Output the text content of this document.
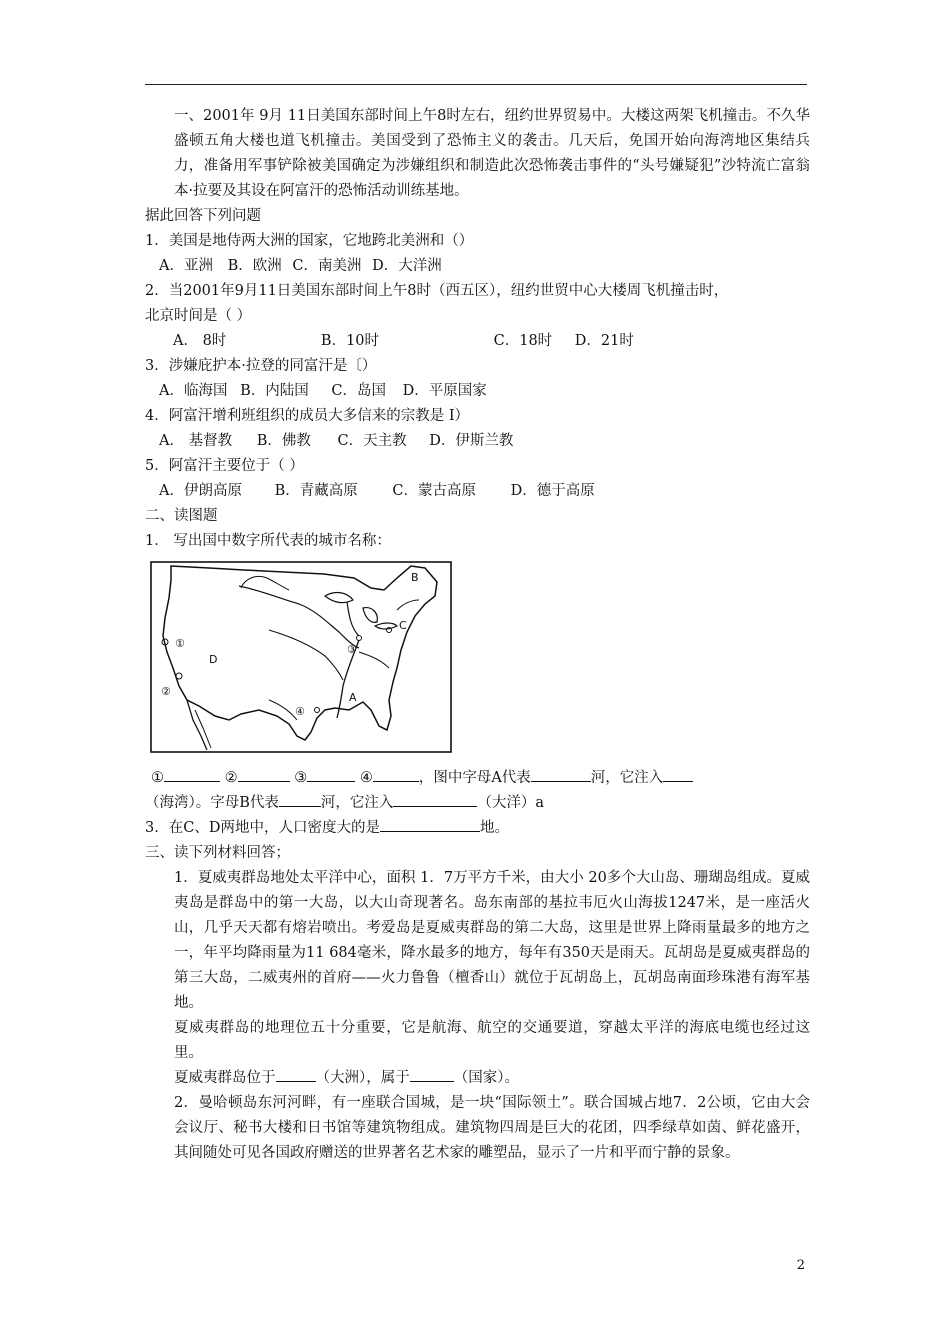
一、2001年 9月 11日美国东部时间上午8时左右，纽约世界贸易中。大楼这两架飞机撞击。不久华盛顿五角大楼也道飞机撞击。美国受到了恐怖主义的袭击。几天后，免国开始向海湾地区集结兵力，准备用军事铲除被美国确定为涉嫌组织和制造此次恐怖袭击事件的“头号嫌疑犯”沙特流亡富翁本·拉要及其设在阿富汗的恐怖活动训练基地。

据此回答下列问题

1．美国是地侍两大洲的国家，它地跨北美洲和（）

A．亚洲 B．欧洲 C．南美洲 D．大洋洲

2．当2001年9月11日美国东部时间上午8时（西五区），纽约世贸中心大楼周飞机撞击时，

北京时间是（ ）

A． 8时	B．10时	C．18时 D．21时

3．涉嫌庇护本·拉登的同富汗是〔）

A．临海国 B．内陆国 C．岛国 D．平原国家

4．阿富汗增利班组织的成员大多信来的宗教是 I）

A． 基督教 B．佛教 C．天主教 D．伊斯兰教

5．阿富汗主要位于（ ）

A．伊朗高原 B．青藏高原 C．蒙古高原 D．德于高原

二、读图题

1． 写出国中数字所代表的城市名称：

B
C
D
A
①
②
③
④

①	②	③	④	，图中字母A代表	河，它注入

（海湾）。字母B代表	河，它注入	（大洋）a

3．在C、D两地中，人口密度大的是	地。

三、读下列材料回答；

1．夏威夷群岛地处太平洋中心，面积 1．7万平方千米，由大小 20多个大山岛、珊瑚岛组成。夏威夷岛是群岛中的第一大岛，以大山奇现著名。岛东南部的基拉韦厄火山海拔1247米，是一座活火山，几乎天天都有熔岩喷出。考爱岛是夏威夷群岛的第二大岛，这里是世界上降雨量最多的地方之一，年平均降雨量为11 684毫米，降水最多的地方，每年有350天是雨天。瓦胡岛是夏威夷群岛的第三大岛，二威夷州的首府——火力鲁鲁（檀香山）就位于瓦胡岛上，瓦胡岛南面珍珠港有海军基地。

夏威夷群岛的地理位五十分重要，它是航海、航空的交通要道，穿越太平洋的海底电缆也经过这里。

夏威夷群岛位于	（大洲），属于	（国家）。

2．曼哈顿岛东河河畔，有一座联合国城，是一块“国际领土”。联合国城占地7．2公顷，它由大会会议厅、秘书大楼和日书馆等建筑物组成。建筑物四周是巨大的花团，四季绿草如茵、鲜花盛开，其间随处可见各国政府赠送的世界著名艺术家的雕塑品，显示了一片和平而宁静的景象。

2
